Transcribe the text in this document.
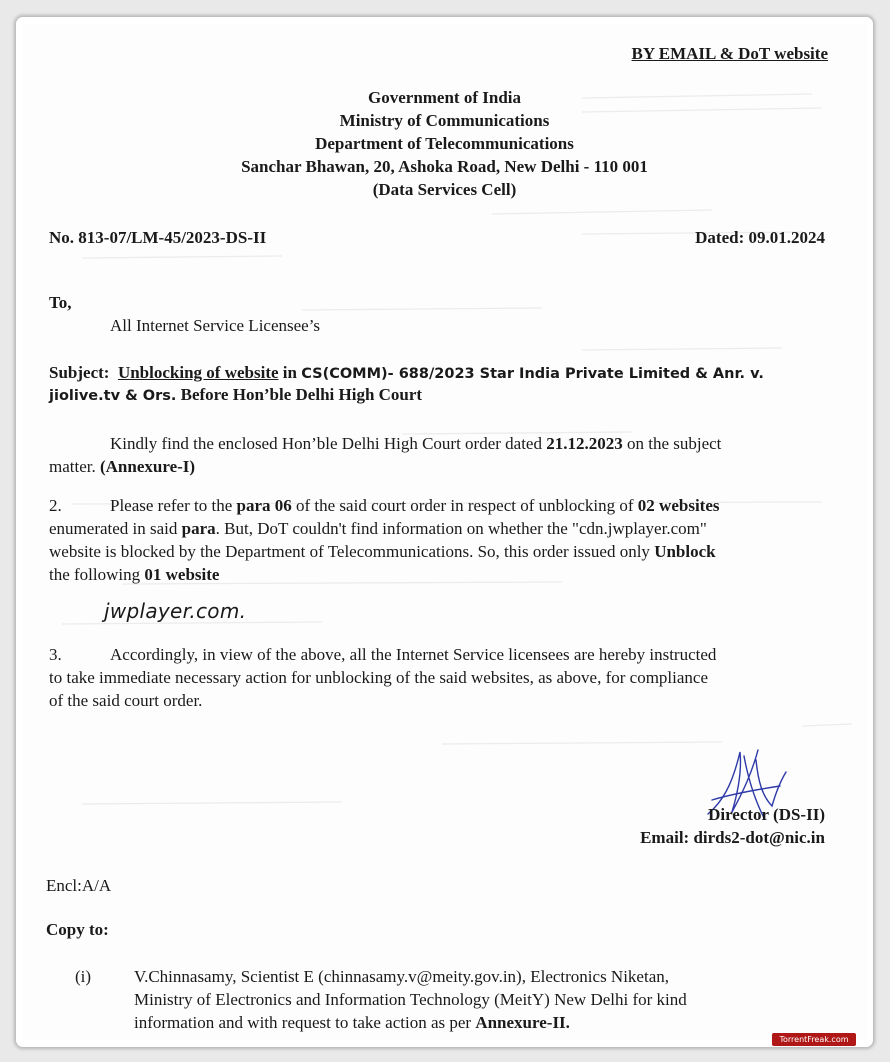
BY EMAIL & DoT website
Government of India
Ministry of Communications
Department of Telecommunications
Sanchar Bhawan, 20, Ashoka Road, New Delhi - 110 001
(Data Services Cell)
No. 813-07/LM-45/2023-DS-II	Dated: 09.01.2024
To,
All Internet Service Licensee’s
Subject: Unblocking of website in CS(COMM)- 688/2023 Star India Private Limited & Anr. v.
jiolive.tv & Ors. Before Hon’ble Delhi High Court
Kindly find the enclosed Hon’ble Delhi High Court order dated 21.12.2023 on the subject
matter. (Annexure-I)
2.	Please refer to the para 06 of the said court order in respect of unblocking of 02 websites
enumerated in said para. But, DoT couldn't find information on whether the "cdn.jwplayer.com"
website is blocked by the Department of Telecommunications. So, this order issued only Unblock
the following 01 website
jwplayer.com.
3.	Accordingly, in view of the above, all the Internet Service licensees are hereby instructed
to take immediate necessary action for unblocking of the said websites, as above, for compliance
of the said court order.
Director (DS-II)
Email: dirds2-dot@nic.in
Encl:A/A
Copy to:
(i)	V.Chinnasamy, Scientist E (chinnasamy.v@meity.gov.in), Electronics Niketan,
Ministry of Electronics and Information Technology (MeitY) New Delhi for kind
information and with request to take action as per Annexure-II.
TorrentFreak.com
